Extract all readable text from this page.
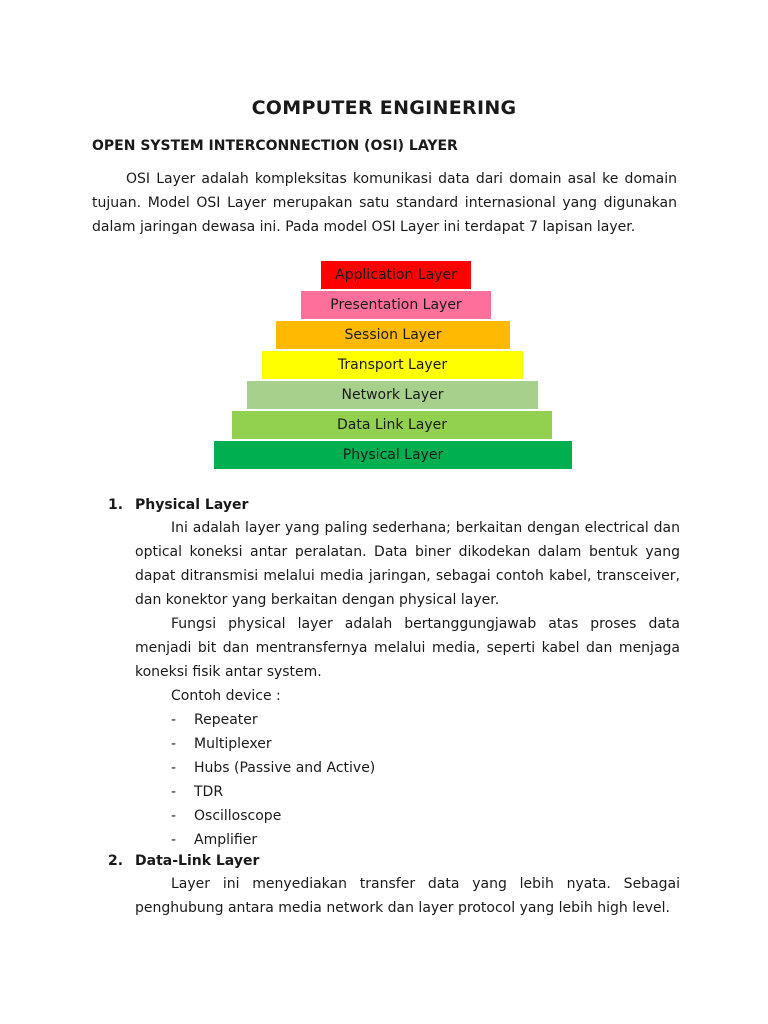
COMPUTER ENGINERING
OPEN SYSTEM INTERCONNECTION (OSI) LAYER

OSI Layer adalah kompleksitas komunikasi data dari domain asal ke domain tujuan. Model OSI Layer merupakan satu standard internasional yang digunakan dalam jaringan dewasa ini. Pada model OSI Layer ini terdapat 7 lapisan layer.

Application Layer
Presentation Layer
Session Layer
Transport Layer
Network Layer
Data Link Layer
Physical Layer

1. Physical Layer

Ini adalah layer yang paling sederhana; berkaitan dengan electrical dan optical koneksi antar peralatan. Data biner dikodekan dalam bentuk yang dapat ditransmisi melalui media jaringan, sebagai contoh kabel, transceiver, dan konektor yang berkaitan dengan physical layer.

Fungsi physical layer adalah bertanggungjawab atas proses data menjadi bit dan mentransfernya melalui media, seperti kabel dan menjaga koneksi fisik antar system.

Contoh device :

- Repeater
- Multiplexer
- Hubs (Passive and Active)
- TDR
- Oscilloscope
- Amplifier

2. Data-Link Layer

Layer ini menyediakan transfer data yang lebih nyata. Sebagai penghubung antara media network dan layer protocol yang lebih high level.
